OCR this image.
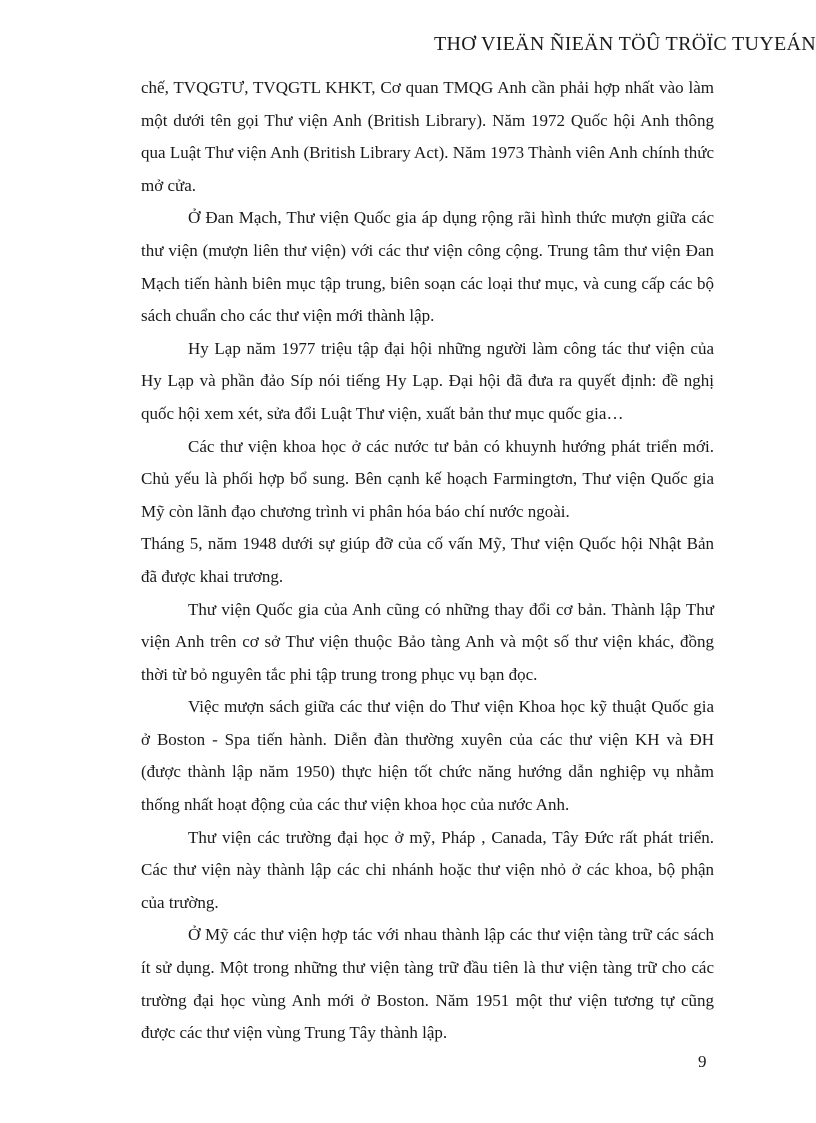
THƠ VIEÄN ÑIEÄN TÖÛ TRÖÏC TUYEÁN

chế, TVQGTƯ, TVQGTL KHKT, Cơ quan TMQG Anh cần phải hợp nhất vào làm một dưới tên gọi Thư viện Anh (British Library). Năm 1972 Quốc hội Anh thông qua Luật Thư viện Anh (British Library Act). Năm 1973 Thành viên Anh chính thức mở cửa.

Ở Đan Mạch, Thư viện Quốc gia áp dụng rộng rãi hình thức mượn giữa các thư viện (mượn liên thư viện) với các thư viện công cộng. Trung tâm thư viện Đan Mạch tiến hành biên mục tập trung, biên soạn các loại thư mục, và cung cấp các bộ sách chuẩn cho các thư viện mới thành lập.

Hy Lạp năm 1977 triệu tập đại hội những người làm công tác thư viện của Hy Lạp và phần đảo Síp nói tiếng Hy Lạp. Đại hội đã đưa ra quyết định: đề nghị quốc hội xem xét, sửa đổi Luật Thư viện, xuất bản thư mục quốc gia…

Các thư viện khoa học ở các nước tư bản có khuynh hướng phát triển mới. Chủ yếu là phối hợp bổ sung. Bên cạnh kế hoạch Farmingtơn, Thư viện Quốc gia Mỹ còn lãnh đạo chương trình vi phân hóa báo chí nước ngoài.

Tháng 5, năm 1948 dưới sự giúp đỡ của cố vấn Mỹ, Thư viện Quốc hội Nhật Bản đã được khai trương.

Thư viện Quốc gia của Anh cũng có những thay đổi cơ bản. Thành lập Thư viện Anh trên cơ sở Thư viện thuộc Bảo tàng Anh và một số thư viện khác, đồng thời từ bỏ nguyên tắc phi tập trung trong phục vụ bạn đọc.

Việc mượn sách giữa các thư viện do Thư viện Khoa học kỹ thuật Quốc gia ở Boston - Spa tiến hành. Diễn đàn thường xuyên của các thư viện KH và ĐH (được thành lập năm 1950) thực hiện tốt chức năng hướng dẫn nghiệp vụ nhằm thống nhất hoạt động của các thư viện khoa học của nước Anh.

Thư viện các trường đại học ở mỹ, Pháp , Canada, Tây Đức rất phát triển. Các thư viện này thành lập các chi nhánh hoặc thư viện nhỏ ở các khoa, bộ phận của trường.

Ở Mỹ các thư viện hợp tác với nhau thành lập các thư viện tàng trữ các sách ít sử dụng. Một trong những thư viện tàng trữ đầu tiên là thư viện tàng trữ cho các trường đại học vùng Anh mới ở Boston. Năm 1951 một thư viện tương tự cũng được các thư viện vùng Trung Tây thành lập.

9
